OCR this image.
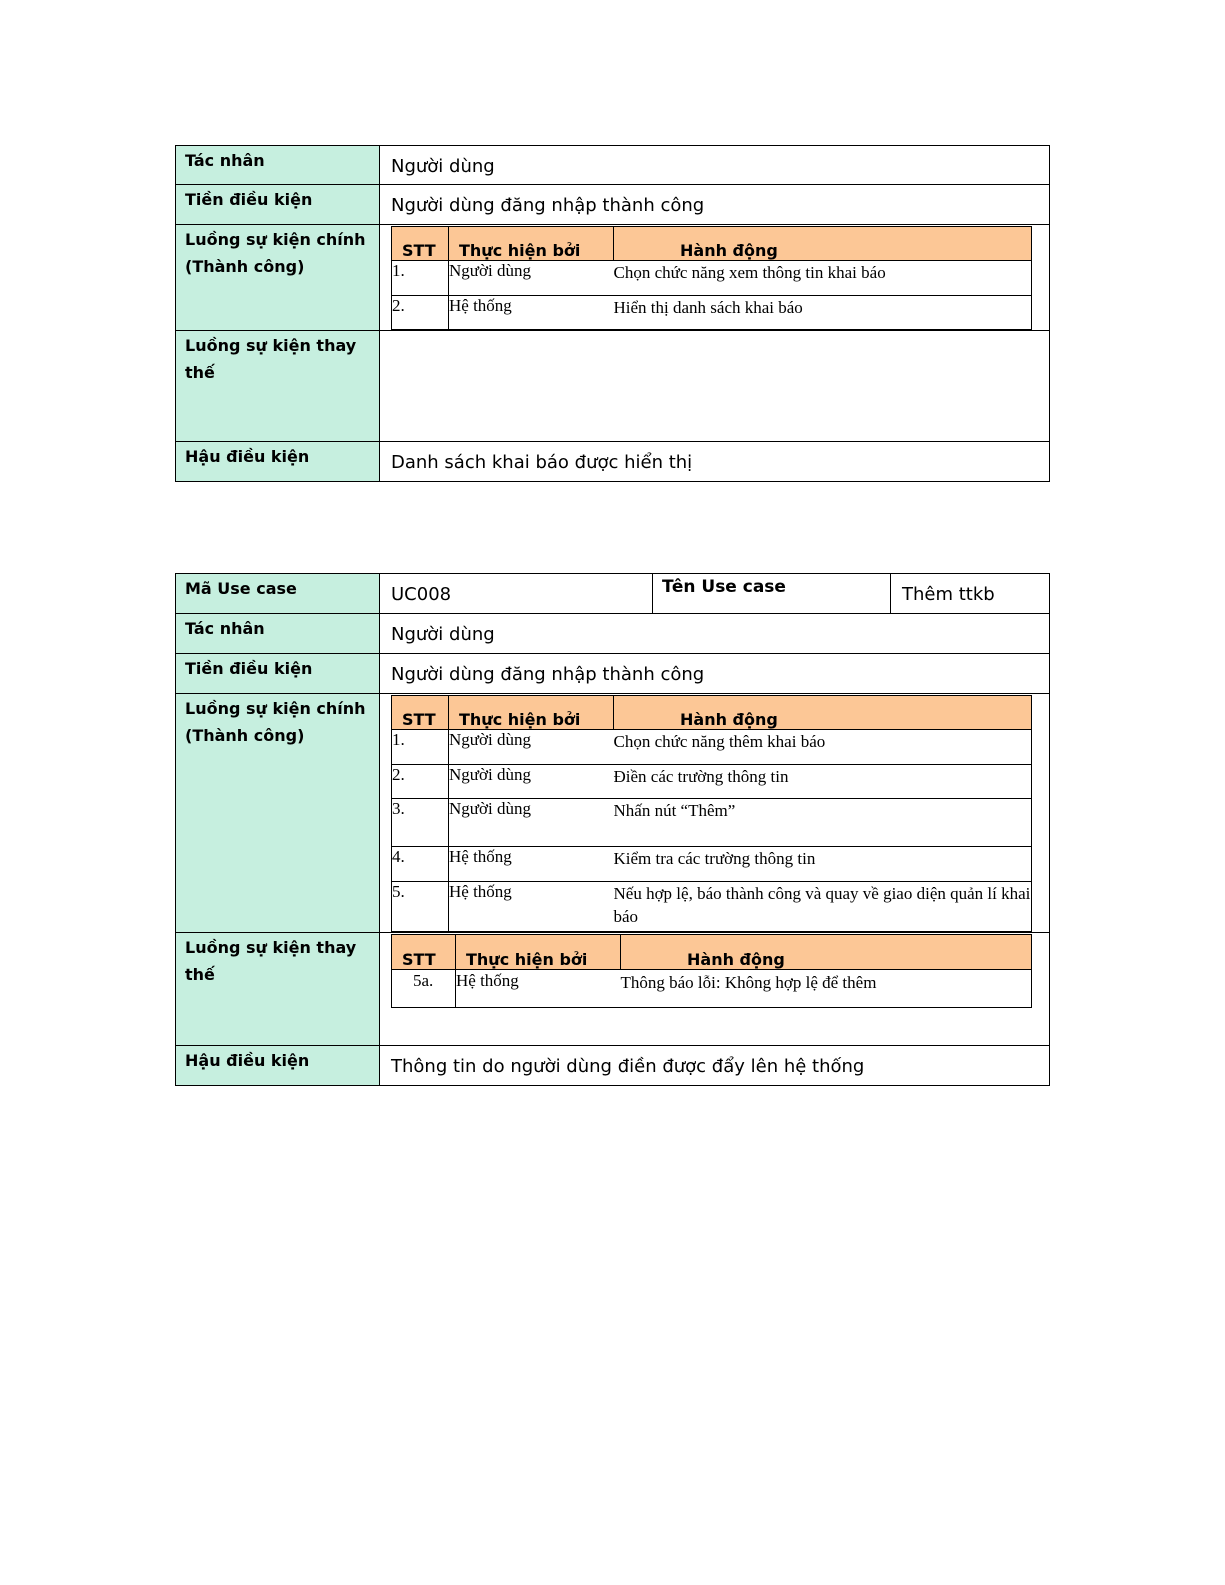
Tác nhân	Người dùng
Tiền điều kiện	Người dùng đăng nhập thành công
Luồng sự kiện chính (Thành công)	
STT	Thực hiện bởi	Hành động
1.	Người dùng	Chọn chức năng xem thông tin khai báo
2.	Hệ thống	Hiển thị danh sách khai báo

Luồng sự kiện thay thế	
Hậu điều kiện	Danh sách khai báo được hiển thị
Mã Use case	UC008	Tên Use case	Thêm ttkb
Tác nhân	Người dùng
Tiền điều kiện	Người dùng đăng nhập thành công
Luồng sự kiện chính (Thành công)	
STT	Thực hiện bởi	Hành động
1.	Người dùng	Chọn chức năng thêm khai báo
2.	Người dùng	Điền các trường thông tin
3.	Người dùng	Nhấn nút “Thêm”
4.	Hệ thống	Kiểm tra các trường thông tin
5.	Hệ thống	Nếu hợp lệ, báo thành công và quay về giao diện quản lí khai báo

Luồng sự kiện thay thế	
STT	Thực hiện bởi	Hành động
5a.	Hệ thống	Thông báo lỗi: Không hợp lệ để thêm

Hậu điều kiện	Thông tin do người dùng điền được đẩy lên hệ thống
